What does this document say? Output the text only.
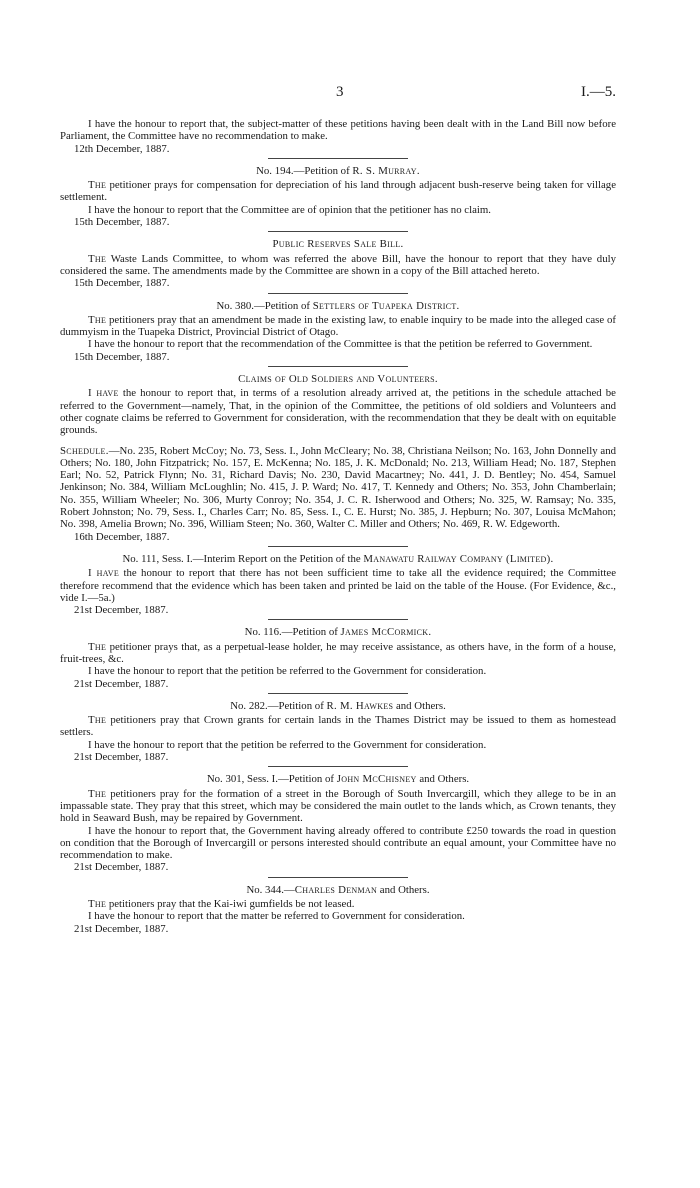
3	I.—5.

I have the honour to report that, the subject-matter of these petitions having been dealt with in the Land Bill now before Parliament, the Committee have no recommendation to make.

12th December, 1887.

No. 194.—Petition of R. S. Murray.

The petitioner prays for compensation for depreciation of his land through adjacent bush-reserve being taken for village settlement.

I have the honour to report that the Committee are of opinion that the petitioner has no claim.

15th December, 1887.

Public Reserves Sale Bill.

The Waste Lands Committee, to whom was referred the above Bill, have the honour to report that they have duly considered the same. The amendments made by the Committee are shown in a copy of the Bill attached hereto.

15th December, 1887.

No. 380.—Petition of Settlers of Tuapeka District.

The petitioners pray that an amendment be made in the existing law, to enable inquiry to be made into the alleged case of dummyism in the Tuapeka District, Provincial District of Otago.

I have the honour to report that the recommendation of the Committee is that the petition be referred to Government.

15th December, 1887.

Claims of Old Soldiers and Volunteers.

I have the honour to report that, in terms of a resolution already arrived at, the petitions in the schedule attached be referred to the Government—namely, That, in the opinion of the Committee, the petitions of old soldiers and Volunteers and other cognate claims be referred to Government for consideration, with the recommendation that they be dealt with on equitable grounds.

Schedule.—No. 235, Robert McCoy; No. 73, Sess. I., John McCleary; No. 38, Christiana Neilson; No. 163, John Donnelly and Others; No. 180, John Fitzpatrick; No. 157, E. McKenna; No. 185, J. K. McDonald; No. 213, William Head; No. 187, Stephen Earl; No. 52, Patrick Flynn; No. 31, Richard Davis; No. 230, David Macartney; No. 441, J. D. Bentley; No. 454, Samuel Jenkinson; No. 384, William McLoughlin; No. 415, J. P. Ward; No. 417, T. Kennedy and Others; No. 353, John Chamberlain; No. 355, William Wheeler; No. 306, Murty Conroy; No. 354, J. C. R. Isherwood and Others; No. 325, W. Ramsay; No. 335, Robert Johnston; No. 79, Sess. I., Charles Carr; No. 85, Sess. I., C. E. Hurst; No. 385, J. Hepburn; No. 307, Louisa McMahon; No. 398, Amelia Brown; No. 396, William Steen; No. 360, Walter C. Miller and Others; No. 469, R. W. Edgeworth.

16th December, 1887.

No. 111, Sess. I.—Interim Report on the Petition of the Manawatu Railway Company (Limited).

I have the honour to report that there has not been sufficient time to take all the evidence required; the Committee therefore recommend that the evidence which has been taken and printed be laid on the table of the House. (For Evidence, &c., vide I.—5a.)

21st December, 1887.

No. 116.—Petition of James McCormick.

The petitioner prays that, as a perpetual-lease holder, he may receive assistance, as others have, in the form of a house, fruit-trees, &c.

I have the honour to report that the petition be referred to the Government for consideration.

21st December, 1887.

No. 282.—Petition of R. M. Hawkes and Others.

The petitioners pray that Crown grants for certain lands in the Thames District may be issued to them as homestead settlers.

I have the honour to report that the petition be referred to the Government for consideration.

21st December, 1887.

No. 301, Sess. I.—Petition of John McChisney and Others.

The petitioners pray for the formation of a street in the Borough of South Invercargill, which they allege to be in an impassable state. They pray that this street, which may be considered the main outlet to the lands which, as Crown tenants, they hold in Seaward Bush, may be repaired by Government.

I have the honour to report that, the Government having already offered to contribute £250 towards the road in question on condition that the Borough of Invercargill or persons interested should contribute an equal amount, your Committee have no recommendation to make.

21st December, 1887.

No. 344.—Charles Denman and Others.

The petitioners pray that the Kai-iwi gumfields be not leased.

I have the honour to report that the matter be referred to Government for consideration.

21st December, 1887.
